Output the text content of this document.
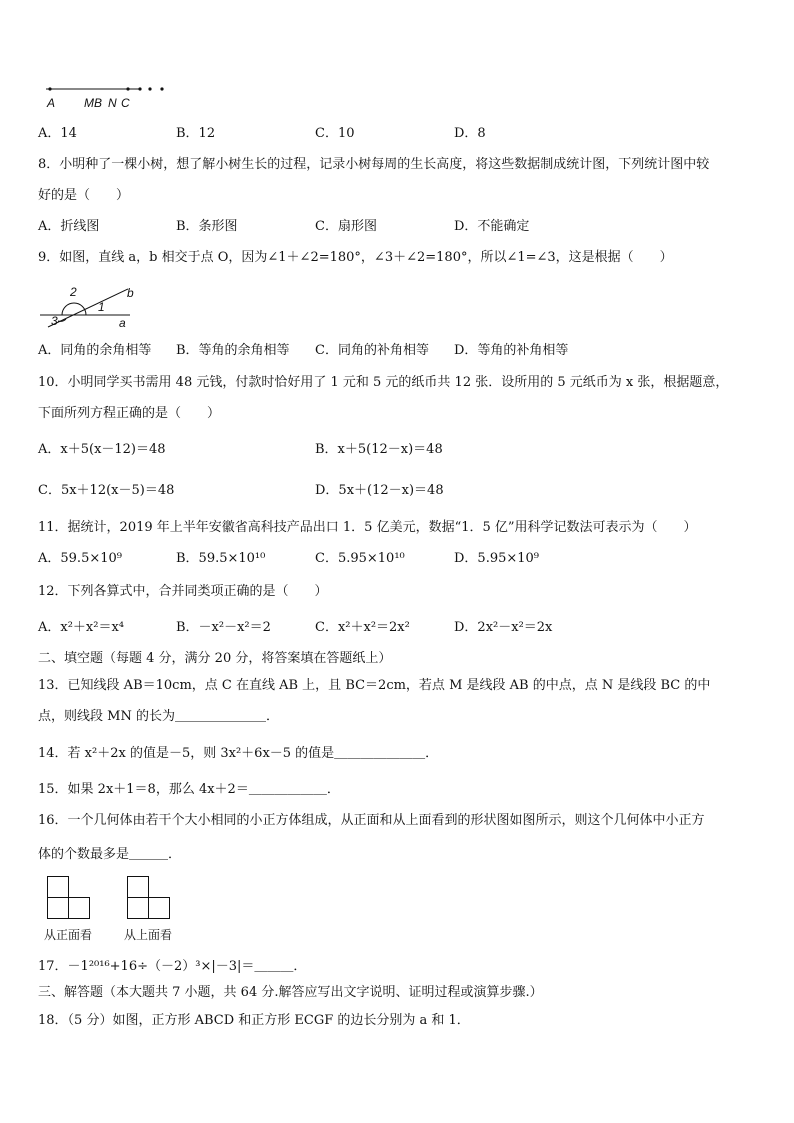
A MB N C
A．14	B．12	C．10	D．8
8．小明种了一棵小树，想了解小树生长的过程，记录小树每周的生长高度，将这些数据制成统计图，下列统计图中较
好的是（　　）
A．折线图	B．条形图	C．扇形图	D．不能确定
9．如图，直线 a，b 相交于点 O，因为∠1＋∠2=180°，∠3＋∠2=180°，所以∠1=∠3，这是根据（　　）
2
3
1
b
a
A．同角的余角相等 B．等角的余角相等 C．同角的补角相等 D．等角的补角相等
10．小明同学买书需用 48 元钱，付款时恰好用了 1 元和 5 元的纸币共 12 张．设所用的 5 元纸币为 x 张，根据题意，
下面所列方程正确的是（　　）
A．x＋5(x－12)＝48	B．x＋5(12－x)＝48
C．5x＋12(x－5)＝48	D．5x＋(12－x)＝48
11．据统计，2019 年上半年安徽省高科技产品出口 1．5 亿美元，数据“1．5 亿”用科学记数法可表示为（　　）
A．59.5×10⁹	B．59.5×10¹⁰	C．5.95×10¹⁰	D．5.95×10⁹
12．下列各算式中，合并同类项正确的是（　　）
A．x²＋x²＝x⁴	B．－x²－x²＝2	C．x²＋x²＝2x²	D．2x²－x²＝2x
二、填空题（每题 4 分，满分 20 分，将答案填在答题纸上）
13．已知线段 AB＝10cm，点 C 在直线 AB 上，且 BC＝2cm，若点 M 是线段 AB 的中点，点 N 是线段 BC 的中
点，则线段 MN 的长为＿＿＿＿＿＿＿．
14．若 x²＋2x 的值是－5，则 3x²＋6x－5 的值是＿＿＿＿＿＿＿．
15．如果 2x＋1＝8，那么 4x＋2＝＿＿＿＿＿＿．
16．一个几何体由若干个大小相同的小正方体组成，从正面和从上面看到的形状图如图所示，则这个几何体中小正方
体的个数最多是＿＿＿．
从正面看	从上面看
17．－1²⁰¹⁶+16÷（－2）³×|－3|＝＿＿＿．
三、解答题（本大题共 7 小题，共 64 分.解答应写出文字说明、证明过程或演算步骤.）
18．（5 分）如图，正方形 ABCD 和正方形 ECGF 的边长分别为 a 和 1．
